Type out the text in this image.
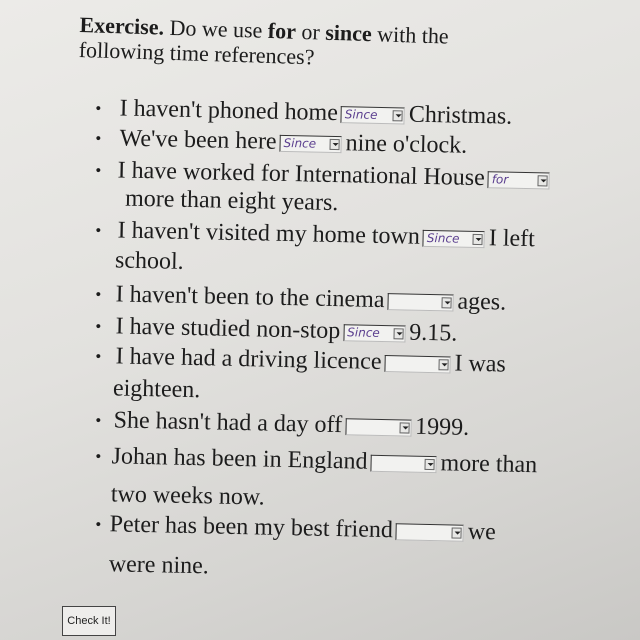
Exercise. Do we use for or since with the
following time references?
• I haven't phoned home Since Christmas.
• We've been here Since nine o'clock.
• I have worked for International House for
more than eight years.
• I haven't visited my home town Since I left
school.
• I haven't been to the cinema	ages.
• I have studied non-stop Since 9.15.
• I have had a driving licence	I was
eighteen.
• She hasn't had a day off	1999.
• Johan has been in England	more than
two weeks now.
• Peter has been my best friend	we
were nine.
Check It!
